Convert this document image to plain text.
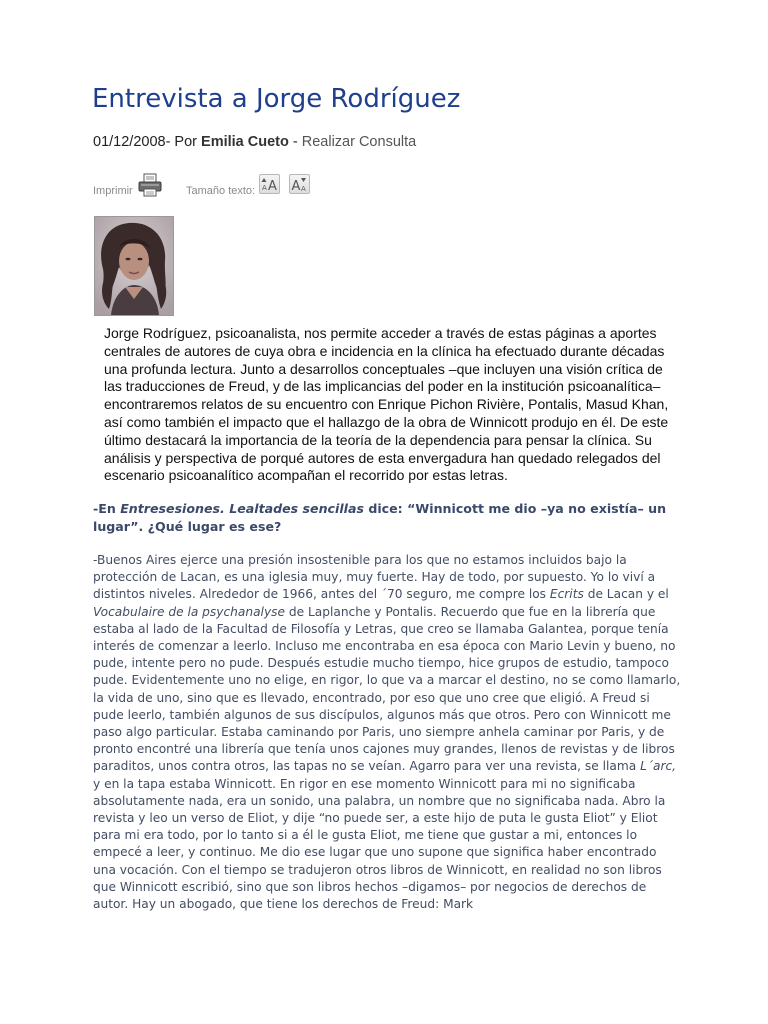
Entrevista a Jorge Rodríguez
01/12/2008- Por Emilia Cueto - Realizar Consulta
Imprimir	Tamaño texto: A A A A

Jorge Rodríguez, psicoanalista, nos permite acceder a través de estas páginas a aportes centrales de autores de cuya obra e incidencia en la clínica ha efectuado durante décadas una profunda lectura. Junto a desarrollos conceptuales –que incluyen una visión crítica de las traducciones de Freud, y de las implicancias del poder en la institución psicoanalítica– encontraremos relatos de su encuentro con Enrique Pichon Rivière, Pontalis, Masud Khan, así como también el impacto que el hallazgo de la obra de Winnicott produjo en él. De este último destacará la importancia de la teoría de la dependencia para pensar la clínica. Su análisis y perspectiva de porqué autores de esta envergadura han quedado relegados del escenario psicoanalítico acompañan el recorrido por estas letras.

-En Entresesiones. Lealtades sencillas dice: “Winnicott me dio –ya no existía– un lugar”. ¿Qué lugar es ese?

-Buenos Aires ejerce una presión insostenible para los que no estamos incluidos bajo la protección de Lacan, es una iglesia muy, muy fuerte. Hay de todo, por supuesto. Yo lo viví a distintos niveles. Alrededor de 1966, antes del ´70 seguro, me compre los Ecrits de Lacan y el Vocabulaire de la psychanalyse de Laplanche y Pontalis. Recuerdo que fue en la librería que estaba al lado de la Facultad de Filosofía y Letras, que creo se llamaba Galantea, porque tenía interés de comenzar a leerlo. Incluso me encontraba en esa época con Mario Levin y bueno, no pude, intente pero no pude. Después estudie mucho tiempo, hice grupos de estudio, tampoco pude. Evidentemente uno no elige, en rigor, lo que va a marcar el destino, no se como llamarlo, la vida de uno, sino que es llevado, encontrado, por eso que uno cree que eligió. A Freud si pude leerlo, también algunos de sus discípulos, algunos más que otros. Pero con Winnicott me paso algo particular. Estaba caminando por Paris, uno siempre anhela caminar por Paris, y de pronto encontré una librería que tenía unos cajones muy grandes, llenos de revistas y de libros paraditos, unos contra otros, las tapas no se veían. Agarro para ver una revista, se llama L´arc, y en la tapa estaba Winnicott. En rigor en ese momento Winnicott para mi no significaba absolutamente nada, era un sonido, una palabra, un nombre que no significaba nada. Abro la revista y leo un verso de Eliot, y dije “no puede ser, a este hijo de puta le gusta Eliot” y Eliot para mi era todo, por lo tanto si a él le gusta Eliot, me tiene que gustar a mi, entonces lo empecé a leer, y continuo. Me dio ese lugar que uno supone que significa haber encontrado una vocación. Con el tiempo se tradujeron otros libros de Winnicott, en realidad no son libros que Winnicott escribió, sino que son libros hechos –digamos– por negocios de derechos de autor. Hay un abogado, que tiene los derechos de Freud: Mark
